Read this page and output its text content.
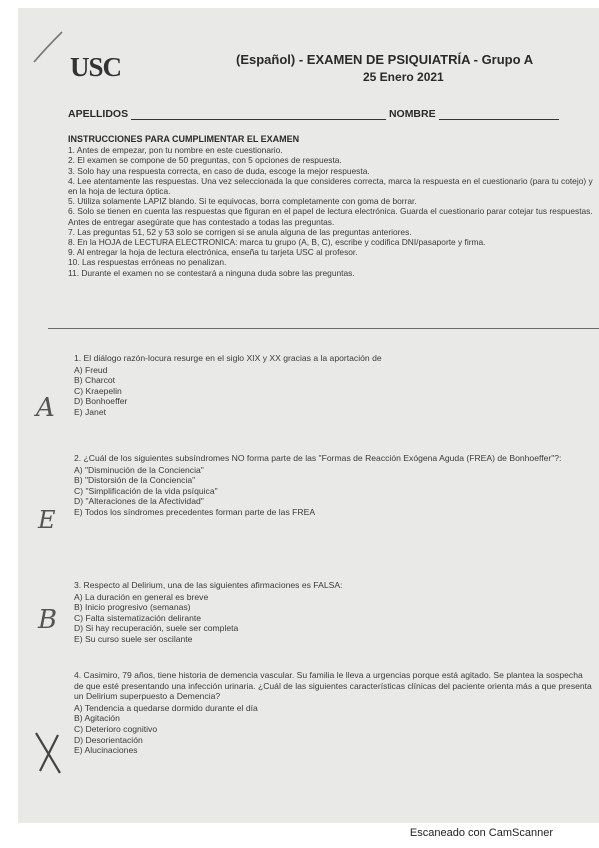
USC	(Español) - EXAMEN DE PSIQUIATRÍA - Grupo A
25 Enero 2021
APELLIDOS	NOMBRE
INSTRUCCIONES PARA CUMPLIMENTAR EL EXAMEN
1. Antes de empezar, pon tu nombre en este cuestionario.
2. El examen se compone de 50 preguntas, con 5 opciones de respuesta.
3. Solo hay una respuesta correcta, en caso de duda, escoge la mejor respuesta.
4. Lee atentamente las respuestas. Una vez seleccionada la que consideres correcta, marca la respuesta en el cuestionario (para tu cotejo) y en la hoja de lectura óptica.
5. Utiliza solamente LAPIZ blando. Si te equivocas, borra completamente con goma de borrar.
6. Solo se tienen en cuenta las respuestas que figuran en el papel de lectura electrónica. Guarda el cuestionario parar cotejar tus respuestas. Antes de entregar asegúrate que has contestado a todas las preguntas.
7. Las preguntas 51, 52 y 53 solo se corrigen si se anula alguna de las preguntas anteriores.
8. En la HOJA de LECTURA ELECTRONICA: marca tu grupo (A, B, C), escribe y codifica DNI/pasaporte y firma.
9. Al entregar la hoja de lectura electrónica, enseña tu tarjeta USC al profesor.
10. Las respuestas erróneas no penalizan.
11. Durante el examen no se contestará a ninguna duda sobre las preguntas.
1. El diálogo razón-locura resurge en el siglo XIX y XX gracias a la aportación de
A) Freud
B) Charcot
C) Kraepelin
D) Bonhoeffer
E) Janet
A
2. ¿Cuál de los siguientes subsíndromes NO forma parte de las "Formas de Reacción Exógena Aguda (FREA) de Bonhoeffer"?:
A) "Disminución de la Conciencia"
B) "Distorsión de la Conciencia"
C) "Simplificación de la vida psíquica"
D) "Alteraciones de la Afectividad"
E) Todos los síndromes precedentes forman parte de las FREA
E
3. Respecto al Delirium, una de las siguientes afirmaciones es FALSA:
A) La duración en general es breve
B) Inicio progresivo (semanas)
C) Falta sistematización delirante
D) Si hay recuperación, suele ser completa
E) Su curso suele ser oscilante
B
4. Casimiro, 79 años, tiene historia de demencia vascular. Su familia le lleva a urgencias porque está agitado. Se plantea la sospecha de que esté presentando una infección urinaria. ¿Cuál de las siguientes características clínicas del paciente orienta más a que presenta un Delirium superpuesto a Demencia?
A) Tendencia a quedarse dormido durante el día
B) Agitación
C) Deterioro cognitivo
D) Desorientación
E) Alucinaciones
Escaneado con CamScanner
